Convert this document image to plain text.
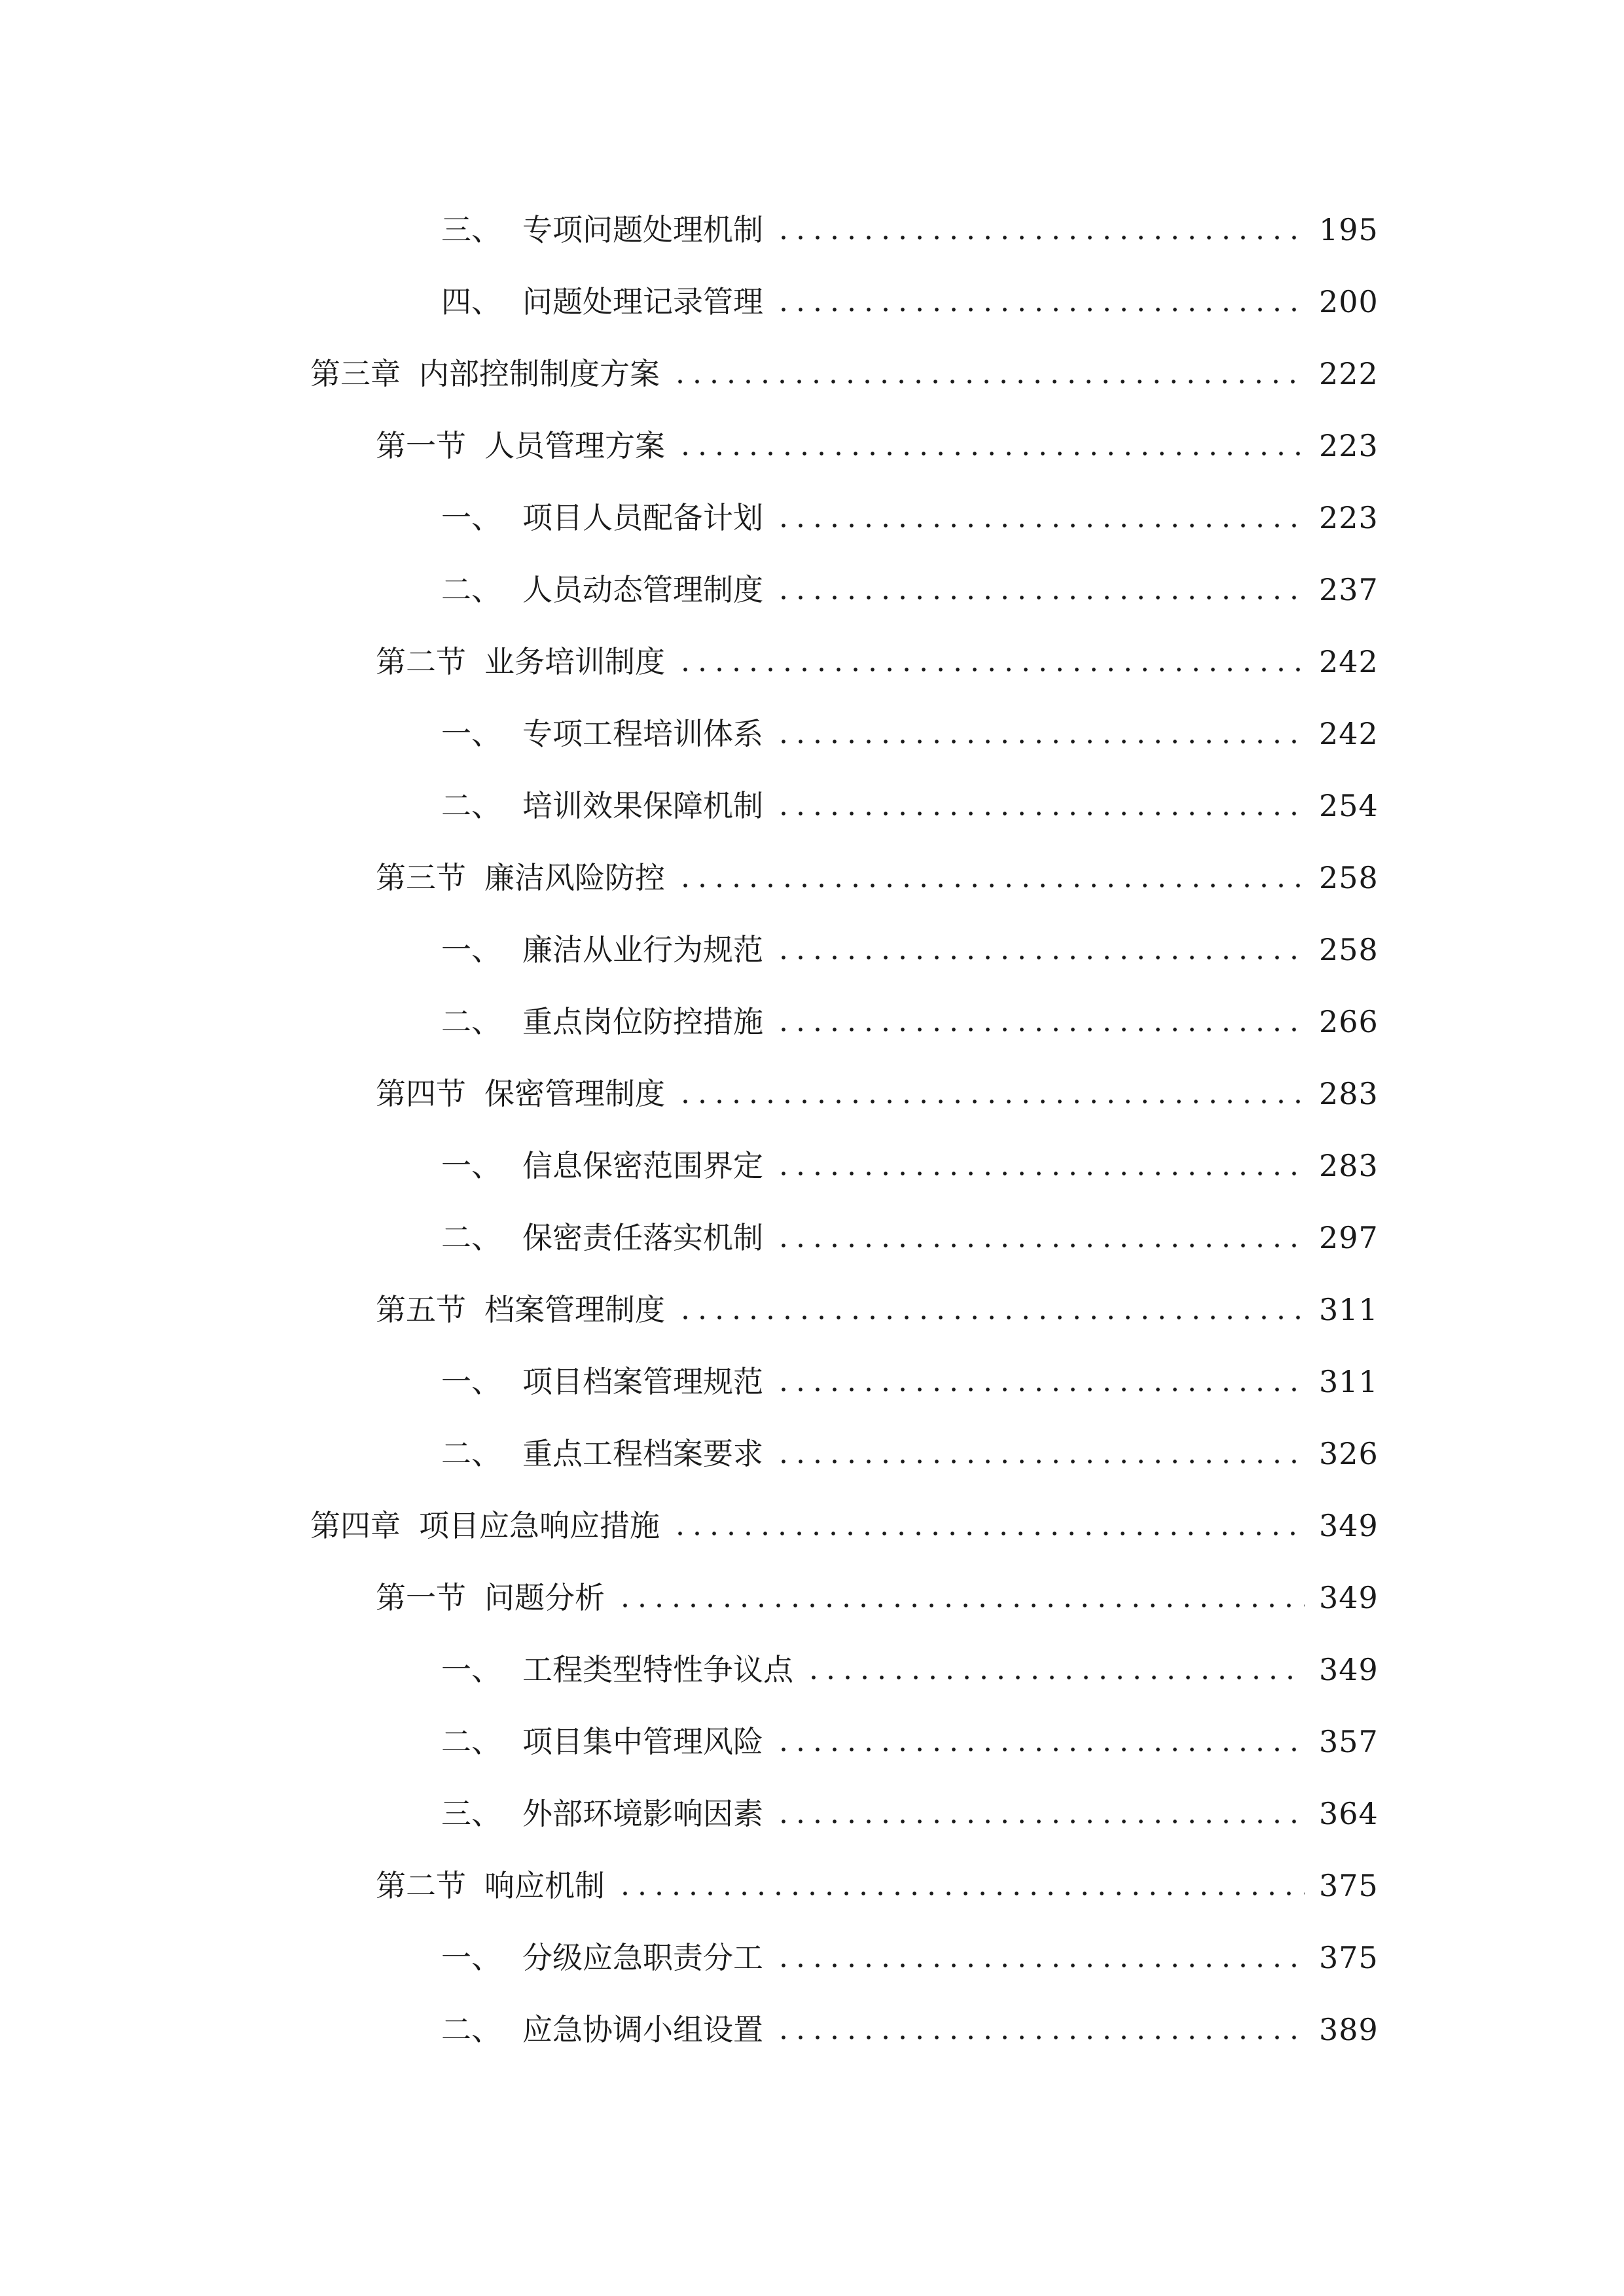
三、 专项问题处理机制	195
四、 问题处理记录管理	200
第三章 内部控制制度方案	222
第一节 人员管理方案	223
一、 项目人员配备计划	223
二、 人员动态管理制度	237
第二节 业务培训制度	242
一、 专项工程培训体系	242
二、 培训效果保障机制	254
第三节 廉洁风险防控	258
一、 廉洁从业行为规范	258
二、 重点岗位防控措施	266
第四节 保密管理制度	283
一、 信息保密范围界定	283
二、 保密责任落实机制	297
第五节 档案管理制度	311
一、 项目档案管理规范	311
二、 重点工程档案要求	326
第四章 项目应急响应措施	349
第一节 问题分析	349
一、 工程类型特性争议点	349
二、 项目集中管理风险	357
三、 外部环境影响因素	364
第二节 响应机制	375
一、 分级应急职责分工	375
二、 应急协调小组设置	389
